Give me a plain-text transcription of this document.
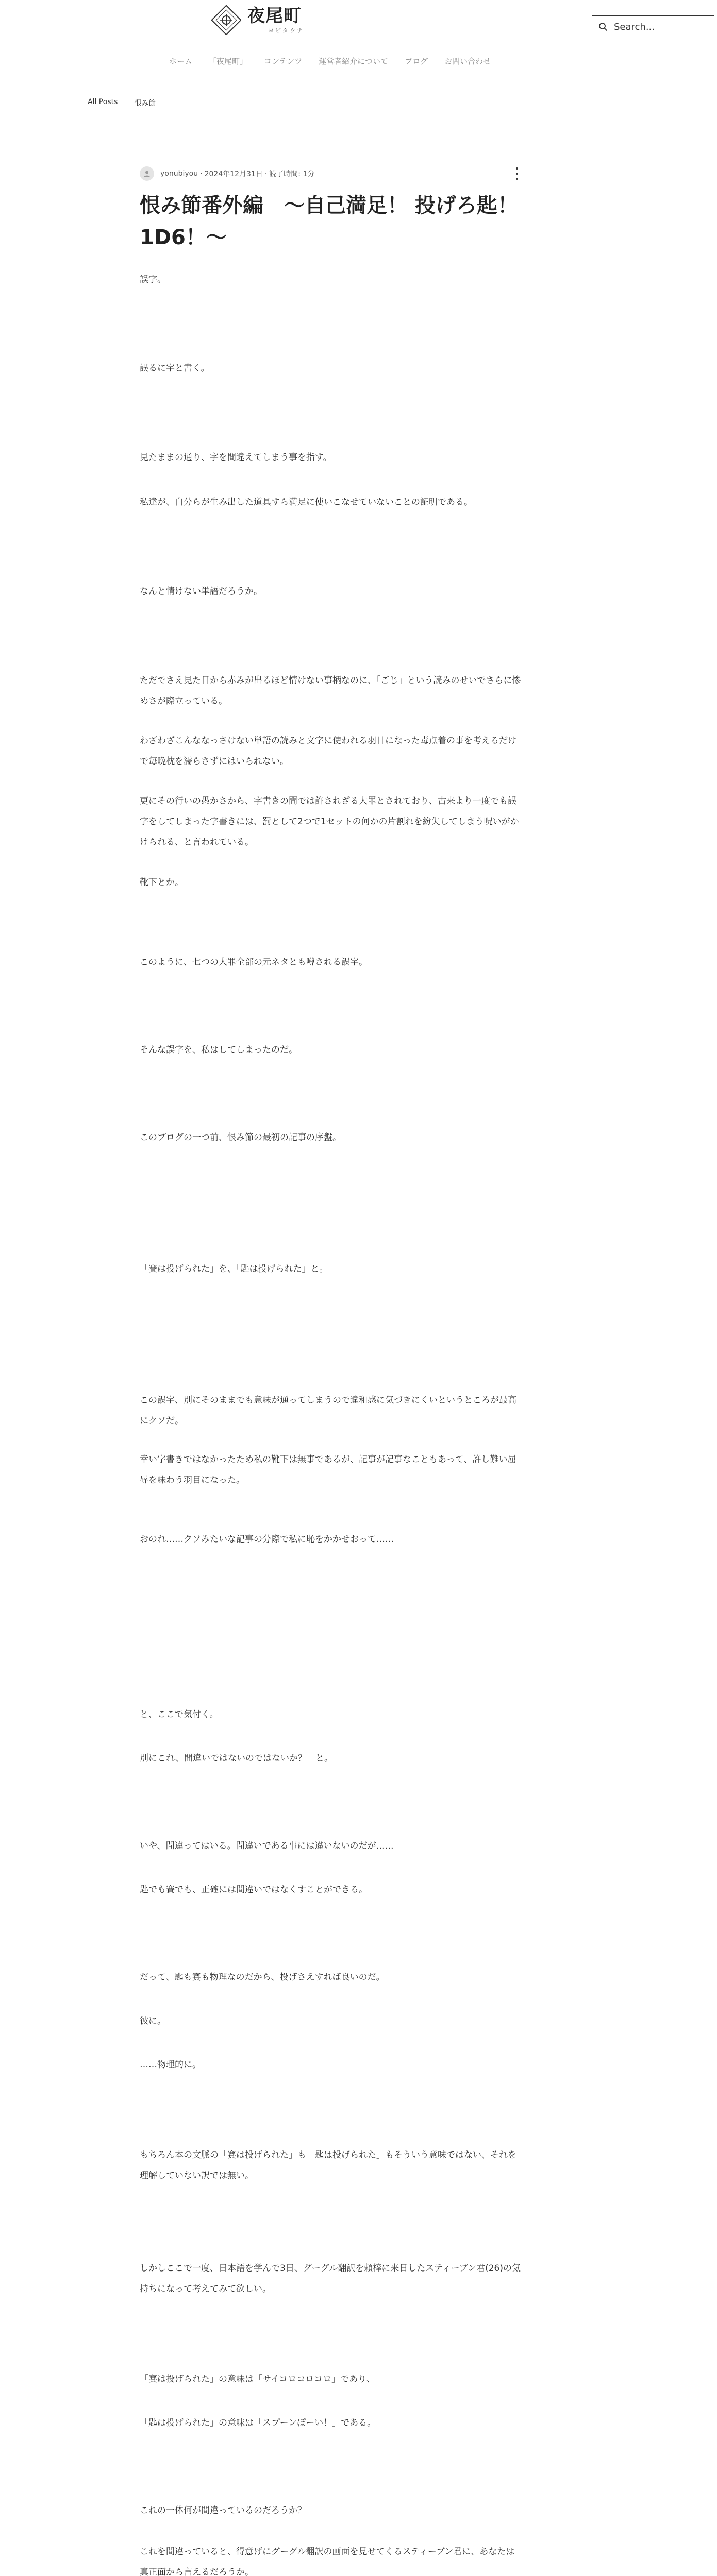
夜尾町
ヨビタウナ
Search...
ホーム 「夜尾町」 コンテンツ 運営者紹介について ブログ お問い合わせ
All Posts 恨み節
yonubiyou · 2024年12月31日 · 読了時間: 1分
恨み節番外編　～自己満足！ 投げろ匙！1D6！～

誤字。

誤るに字と書く。

見たままの通り、字を間違えてしまう事を指す。

私達が、自分らが生み出した道具すら満足に使いこなせていないことの証明である。

なんと情けない単語だろうか。

ただでさえ見た目から赤みが出るほど情けない事柄なのに、「ごじ」という読みのせいでさらに惨めさが際立っている。

わざわざこんななっさけない単語の読みと文字に使われる羽目になった毒点着の事を考えるだけで毎晩枕を濡らさずにはいられない。

更にその行いの愚かさから、字書きの間では許されざる大罪とされており、古来より一度でも誤字をしてしまった字書きには、罰として2つで1セットの何かの片割れを紛失してしまう呪いがかけられる、と言われている。

靴下とか。

このように、七つの大罪全部の元ネタとも噂される誤字。

そんな誤字を、私はしてしまったのだ。

このブログの一つ前、恨み節の最初の記事の序盤。

「賽は投げられた」を、「匙は投げられた」と。

この誤字、別にそのままでも意味が通ってしまうので違和感に気づきにくいというところが最高にクソだ。

幸い字書きではなかったため私の靴下は無事であるが、記事が記事なこともあって、許し難い屈辱を味わう羽目になった。

おのれ……クソみたいな記事の分際で私に恥をかかせおって……

と、ここで気付く。

別にこれ、間違いではないのではないか？　と。

いや、間違ってはいる。間違いである事には違いないのだが……

匙でも賽でも、正確には間違いではなくすことができる。

だって、匙も賽も物理なのだから、投げさえすれば良いのだ。

彼に。

……物理的に。

もちろん本の文脈の「賽は投げられた」も「匙は投げられた」もそういう意味ではない、それを理解していない訳では無い。

しかしここで一度、日本語を学んで3日、グーグル翻訳を頼棒に来日したスティーブン君(26)の気持ちになって考えてみて欲しい。

「賽は投げられた」の意味は「サイコロコロコロ」であり、

「匙は投げられた」の意味は「スプーンぽーい！」である。

これの一体何が間違っているのだろうか？

これを間違っていると、得意げにグーグル翻訳の画面を見せてくるスティーブン君に、あなたは真正面から言えるだろうか。
